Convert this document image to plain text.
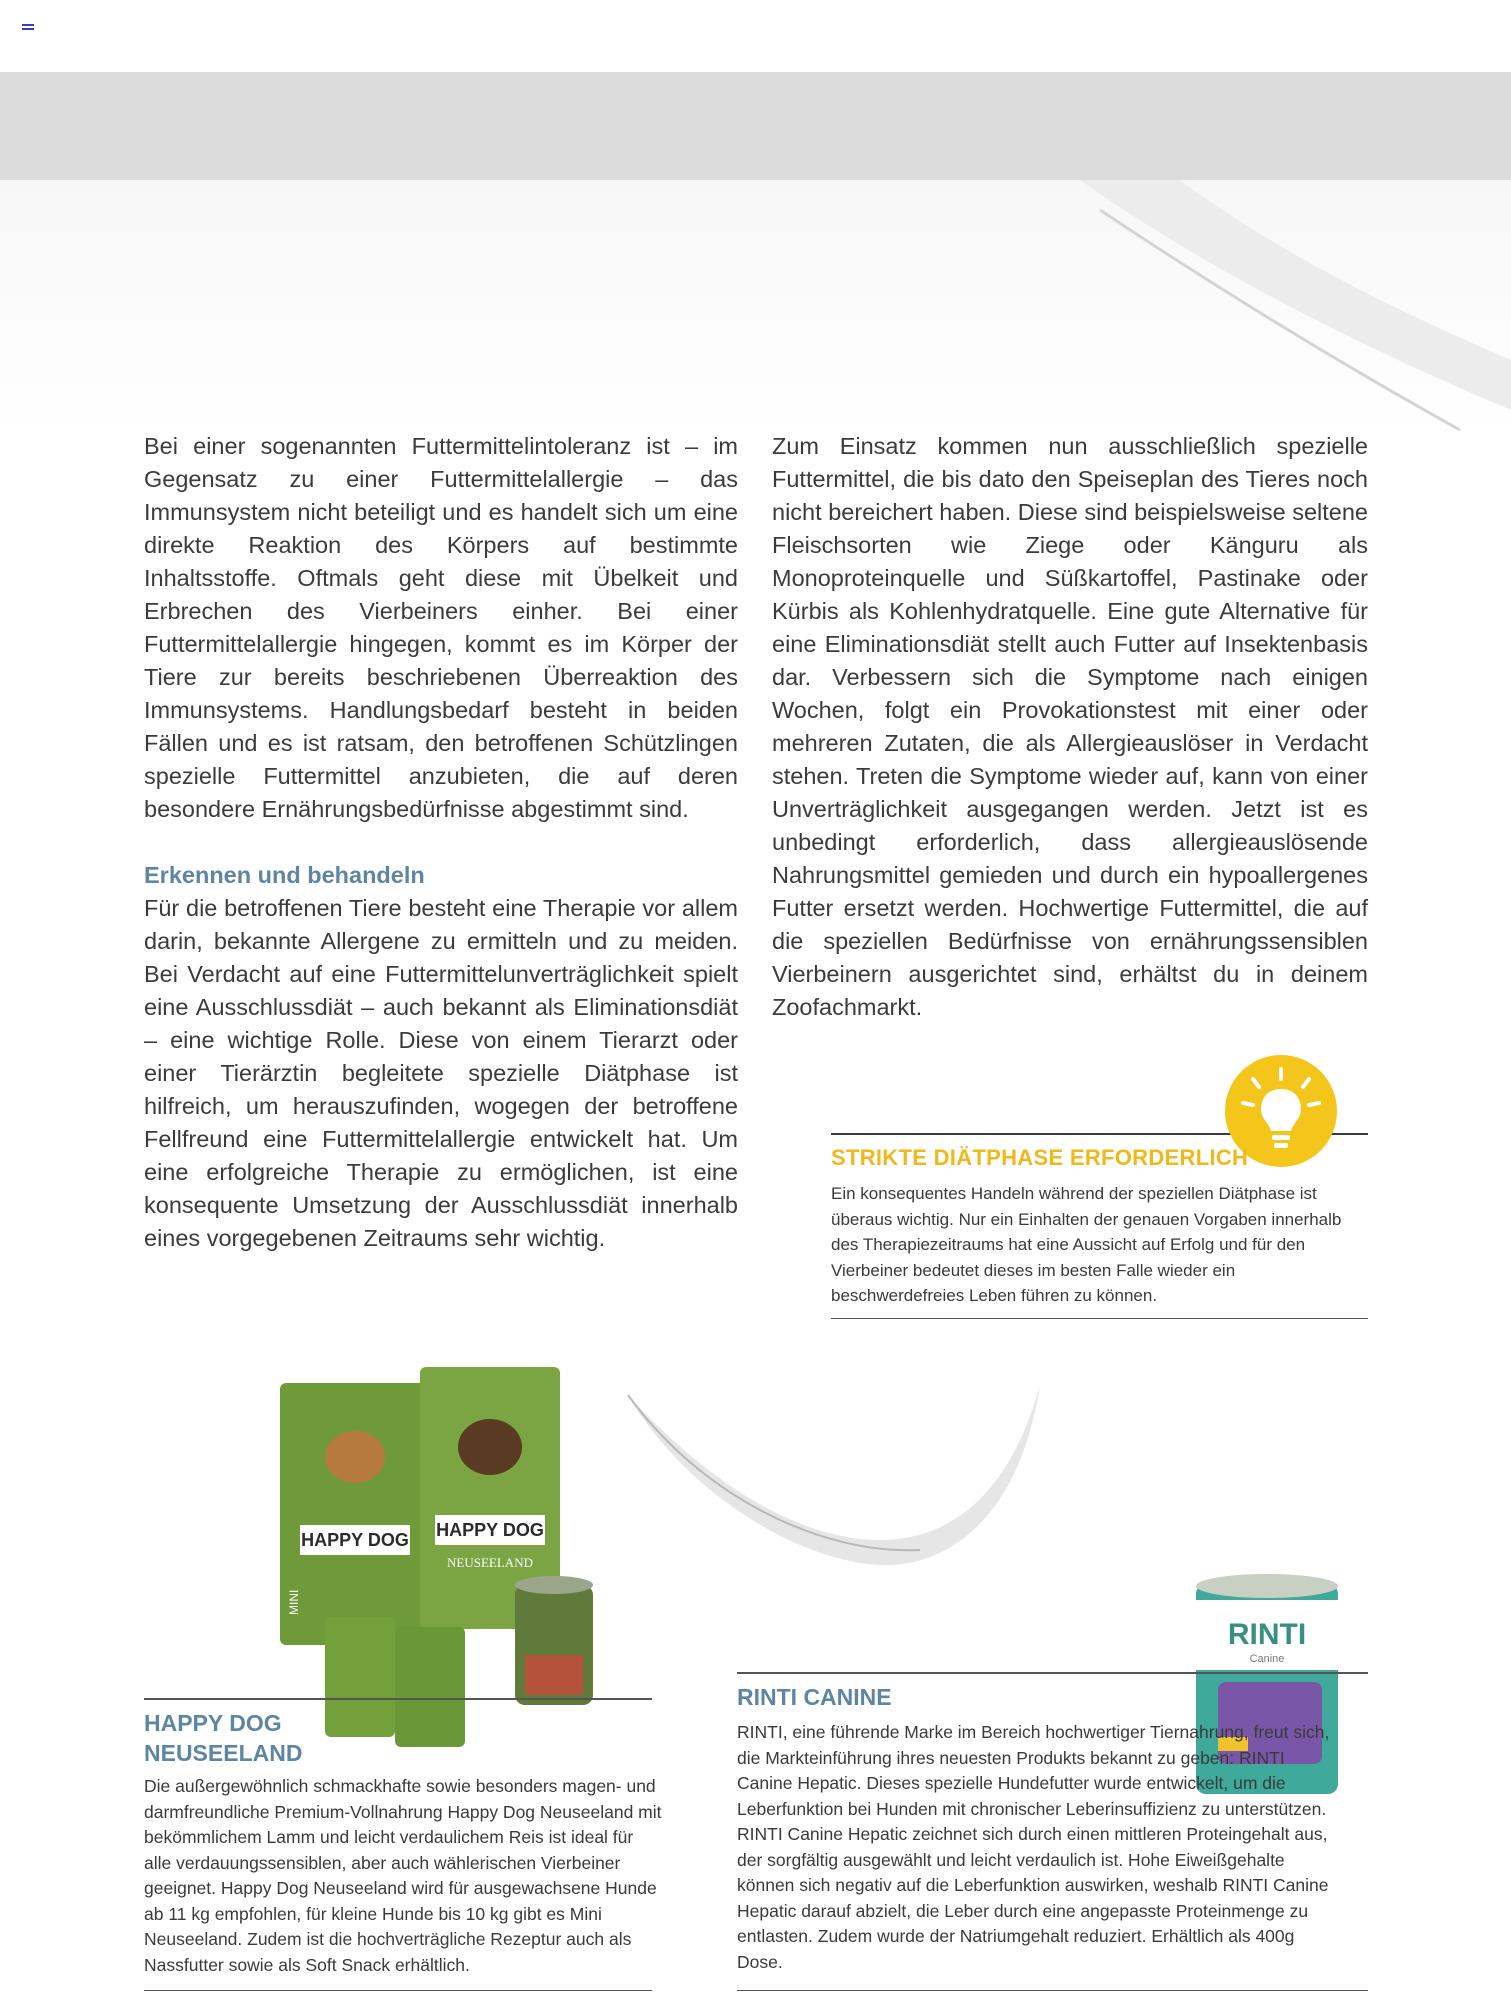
Bei einer sogenannten Futtermittelintoleranz ist – im Gegensatz zu einer Futtermittelallergie – das Immunsystem nicht beteiligt und es handelt sich um eine direkte Reaktion des Körpers auf bestimmte Inhaltsstoffe. Oftmals geht diese mit Übelkeit und Erbrechen des Vierbeiners einher. Bei einer Futtermittelallergie hingegen, kommt es im Körper der Tiere zur bereits beschriebenen Überreaktion des Immunsystems. Handlungsbedarf besteht in beiden Fällen und es ist ratsam, den betroffenen Schützlingen spezielle Futtermittel anzubieten, die auf deren besondere Ernährungsbedürfnisse abgestimmt sind.

Erkennen und behandeln

Für die betroffenen Tiere besteht eine Therapie vor allem darin, bekannte Allergene zu ermitteln und zu meiden. Bei Verdacht auf eine Futtermittelunverträglichkeit spielt eine Ausschlussdiät – auch bekannt als Eliminationsdiät – eine wichtige Rolle. Diese von einem Tierarzt oder einer Tierärztin begleitete spezielle Diätphase ist hilfreich, um herauszufinden, wogegen der betroffene Fellfreund eine Futtermittelallergie entwickelt hat. Um eine erfolgreiche Therapie zu ermöglichen, ist eine konsequente Umsetzung der Ausschlussdiät innerhalb eines vorgegebenen Zeitraums sehr wichtig.

Zum Einsatz kommen nun ausschließlich spezielle Futtermittel, die bis dato den Speiseplan des Tieres noch nicht bereichert haben. Diese sind beispielsweise seltene Fleischsorten wie Ziege oder Känguru als Monoproteinquelle und Süßkartoffel, Pastinake oder Kürbis als Kohlenhydratquelle. Eine gute Alternative für eine Eliminationsdiät stellt auch Futter auf Insektenbasis dar. Verbessern sich die Symptome nach einigen Wochen, folgt ein Provokationstest mit einer oder mehreren Zutaten, die als Allergieauslöser in Verdacht stehen. Treten die Symptome wieder auf, kann von einer Unverträglichkeit ausgegangen werden. Jetzt ist es unbedingt erforderlich, dass allergieauslösende Nahrungsmittel gemieden und durch ein hypoallergenes Futter ersetzt werden. Hochwertige Futtermittel, die auf die speziellen Bedürfnisse von ernährungssensiblen Vierbeinern ausgerichtet sind, erhältst du in deinem Zoofachmarkt.

STRIKTE DIÄTPHASE ERFORDERLICH
Ein konsequentes Handeln während der speziellen Diätphase ist überaus wichtig. Nur ein Einhalten der genauen Vorgaben innerhalb des Therapiezeitraums hat eine Aussicht auf Erfolg und für den Vierbeiner bedeutet dieses im besten Falle wieder ein beschwerdefreies Leben führen zu können.
HAPPY DOG HAPPY DOG
NEUSEELAND
MINI
HAPPY DOG
NEUSEELAND
Die außergewöhnlich schmackhafte sowie besonders magen- und darmfreundliche Premium-Vollnahrung Happy Dog Neuseeland mit bekömmlichem Lamm und leicht verdaulichem Reis ist ideal für alle verdauungssensiblen, aber auch wählerischen Vierbeiner geeignet. Happy Dog Neuseeland wird für ausgewachsene Hunde ab 11 kg empfohlen, für kleine Hunde bis 10 kg gibt es Mini Neuseeland. Zudem ist die hochverträgliche Rezeptur auch als Nassfutter sowie als Soft Snack erhältlich.
RINTI
Canine
RINTI CANINE
RINTI, eine führende Marke im Bereich hochwertiger Tiernahrung, freut sich, die Markteinführung ihres neuesten Produkts bekannt zu geben: RINTI Canine Hepatic. Dieses spezielle Hundefutter wurde entwickelt, um die Leberfunktion bei Hunden mit chronischer Leberinsuffizienz zu unterstützen. RINTI Canine Hepatic zeichnet sich durch einen mittleren Proteingehalt aus, der sorgfältig ausgewählt und leicht verdaulich ist. Hohe Eiweißgehalte können sich negativ auf die Leberfunktion auswirken, weshalb RINTI Canine Hepatic darauf abzielt, die Leber durch eine angepasste Proteinmenge zu entlasten. Zudem wurde der Natriumgehalt reduziert. Erhältlich als 400g Dose.
